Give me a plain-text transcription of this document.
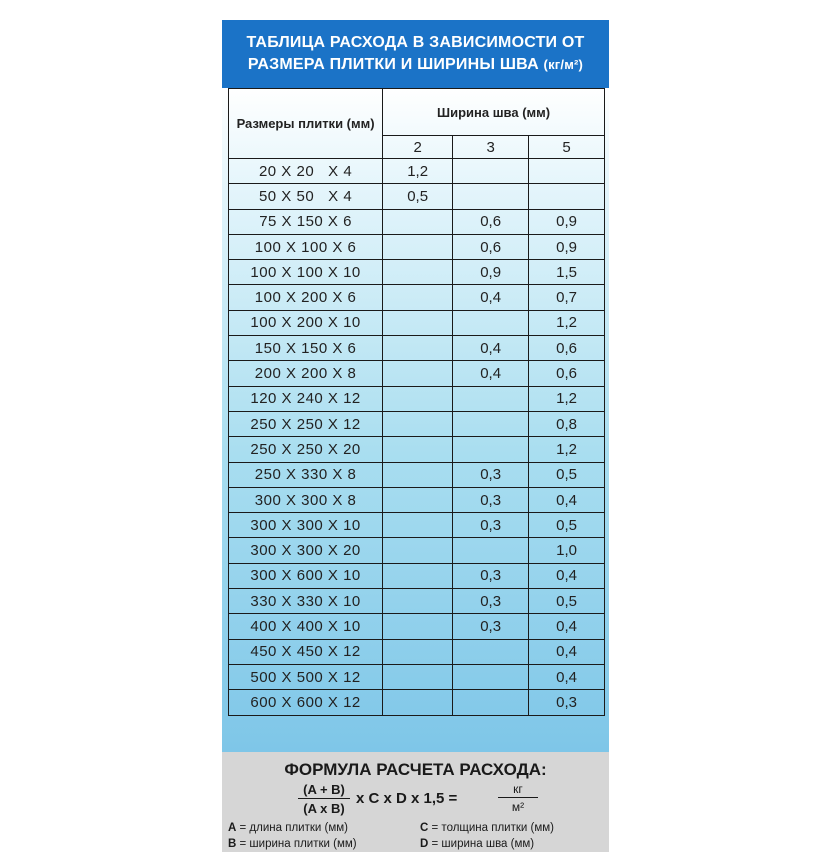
ТАБЛИЦА РАСХОДА В ЗАВИСИМОСТИ ОТ
РАЗМЕРА ПЛИТКИ И ШИРИНЫ ШВА (кг/м²)
Размеры плитки (мм)	Ширина шва (мм)		
	2	3	5
20 X 20   X 4	1,2		
50 X 50   X 4	0,5		
75 X 150 X 6		0,6	0,9
100 X 100 X 6		0,6	0,9
100 X 100 X 10		0,9	1,5
100 X 200 X 6		0,4	0,7
100 X 200 X 10			1,2
150 X 150 X 6		0,4	0,6
200 X 200 X 8		0,4	0,6
120 X 240 X 12			1,2
250 X 250 X 12			0,8
250 X 250 X 20			1,2
250 X 330 X 8		0,3	0,5
300 X 300 X 8		0,3	0,4
300 X 300 X 10		0,3	0,5
300 X 300 X 20			1,0
300 X 600 X 10		0,3	0,4
330 X 330 X 10		0,3	0,5
400 X 400 X 10		0,3	0,4
450 X 450 X 12			0,4
500 X 500 X 12			0,4
600 X 600 X 12			0,3
ФОРМУЛА РАСЧЕТА РАСХОДА:
$\frac{(A + B)}{\text{(A x B)}}$ x C x D x 1,5 =
кг
м²
A = длина плитки (мм)
B = ширина плитки (мм)
C = толщина плитки (мм)
D = ширина шва (мм)
